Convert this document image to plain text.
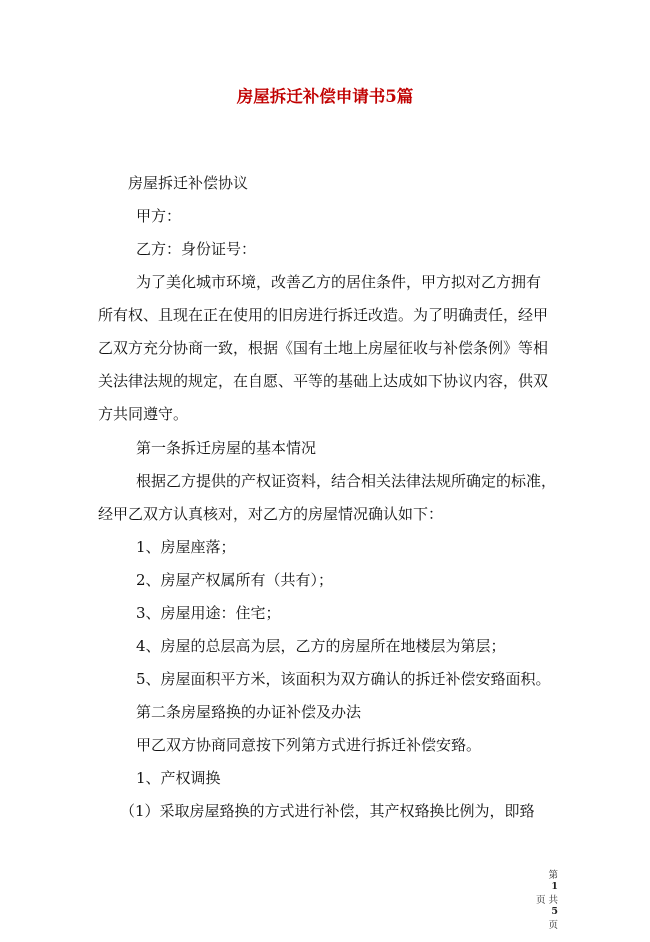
房屋拆迁补偿申请书5篇
房屋拆迁补偿协议
甲方：
乙方：身份证号：
为了美化城市环境，改善乙方的居住条件，甲方拟对乙方拥有
所有权、且现在正在使用的旧房进行拆迁改造。为了明确责任，经甲
乙双方充分协商一致，根据《国有土地上房屋征收与补偿条例》等相
关法律法规的规定，在自愿、平等的基础上达成如下协议内容，供双
方共同遵守。
第一条拆迁房屋的基本情况
根据乙方提供的产权证资料，结合相关法律法规所确定的标准，
经甲乙双方认真核对，对乙方的房屋情况确认如下：
1、房屋座落；
2、房屋产权属所有（共有）；
3、房屋用途：住宅；
4、房屋的总层高为层，乙方的房屋所在地楼层为第层；
5、房屋面积平方米，该面积为双方确认的拆迁补偿安臵面积。
第二条房屋臵换的办证补偿及办法
甲乙双方协商同意按下列第方式进行拆迁补偿安臵。
1、产权调换
（1）采取房屋臵换的方式进行补偿，其产权臵换比例为，即臵

第
1
页 共
5
页
